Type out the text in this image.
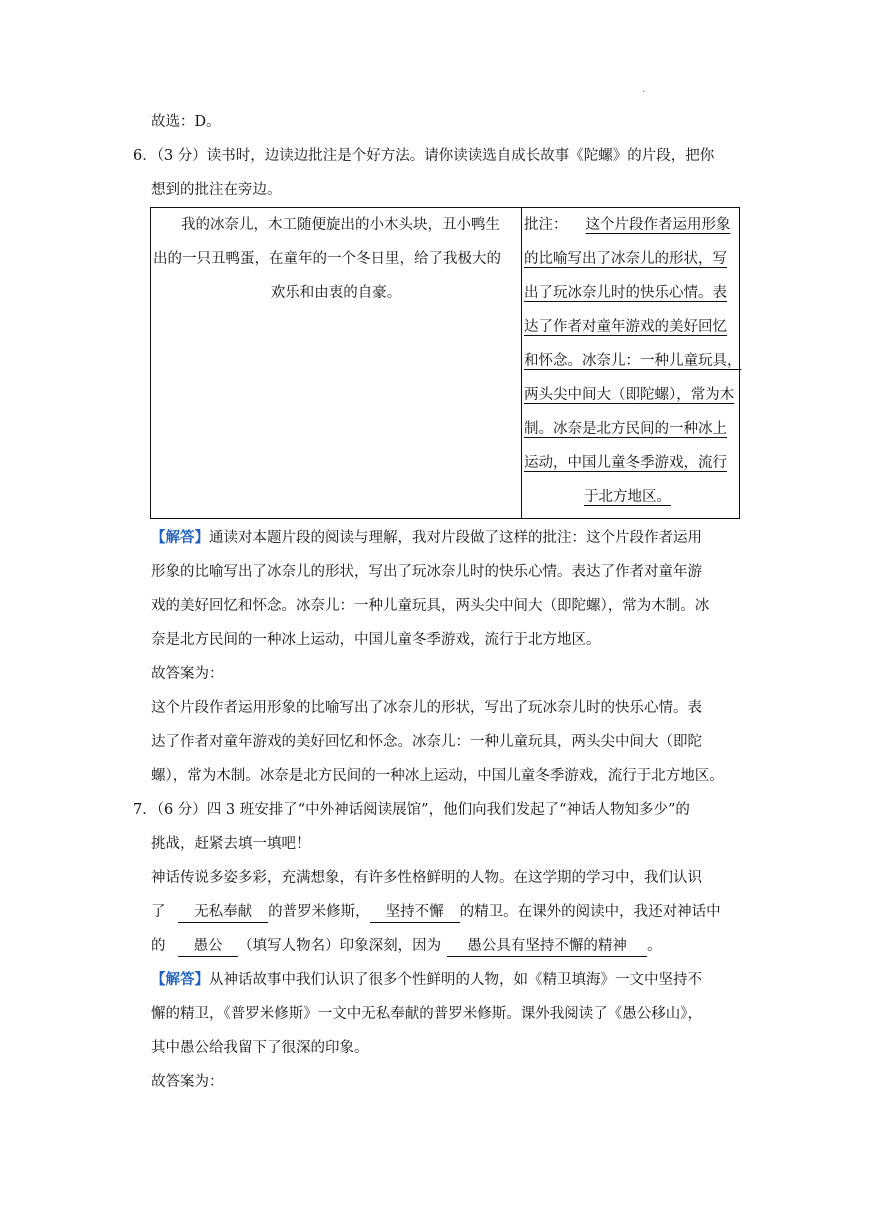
.
故选：D。
6．（3 分）读书时，边读边批注是个好方法。请你读读选自成长故事《陀螺》的片段，把你
想到的批注在旁边。
我的冰奈儿，木工随便旋出的小木头块，丑小鸭生
出的一只丑鸭蛋，在童年的一个冬日里，给了我极大的
欢乐和由衷的自豪。

批注： 这个片段作者运用形象
的比喻写出了冰奈儿的形状，写
出了玩冰奈儿时的快乐心情。表
达了作者对童年游戏的美好回忆
和怀念。冰奈儿：一种儿童玩具，
两头尖中间大（即陀螺），常为木
制。冰奈是北方民间的一种冰上
运动，中国儿童冬季游戏，流行
于北方地区。
【解答】通读对本题片段的阅读与理解，我对片段做了这样的批注：这个片段作者运用
形象的比喻写出了冰奈儿的形状，写出了玩冰奈儿时的快乐心情。表达了作者对童年游
戏的美好回忆和怀念。冰奈儿：一种儿童玩具，两头尖中间大（即陀螺），常为木制。冰
奈是北方民间的一种冰上运动，中国儿童冬季游戏，流行于北方地区。
故答案为：
这个片段作者运用形象的比喻写出了冰奈儿的形状，写出了玩冰奈儿时的快乐心情。表
达了作者对童年游戏的美好回忆和怀念。冰奈儿：一种儿童玩具，两头尖中间大（即陀
螺），常为木制。冰奈是北方民间的一种冰上运动，中国儿童冬季游戏，流行于北方地区。
7．（6 分）四 3 班安排了“中外神话阅读展馆”，他们向我们发起了“神话人物知多少”的
挑战，赶紧去填一填吧！
神话传说多姿多彩，充满想象，有许多性格鲜明的人物。在这学期的学习中，我们认识
了 无私奉献 的普罗米修斯， 坚持不懈 的精卫。在课外的阅读中，我还对神话中
的 愚公 （填写人物名）印象深刻，因为 愚公具有坚持不懈的精神 。
【解答】从神话故事中我们认识了很多个性鲜明的人物，如《精卫填海》一文中坚持不
懈的精卫，《普罗米修斯》一文中无私奉献的普罗米修斯。课外我阅读了《愚公移山》，
其中愚公给我留下了很深的印象。
故答案为：
